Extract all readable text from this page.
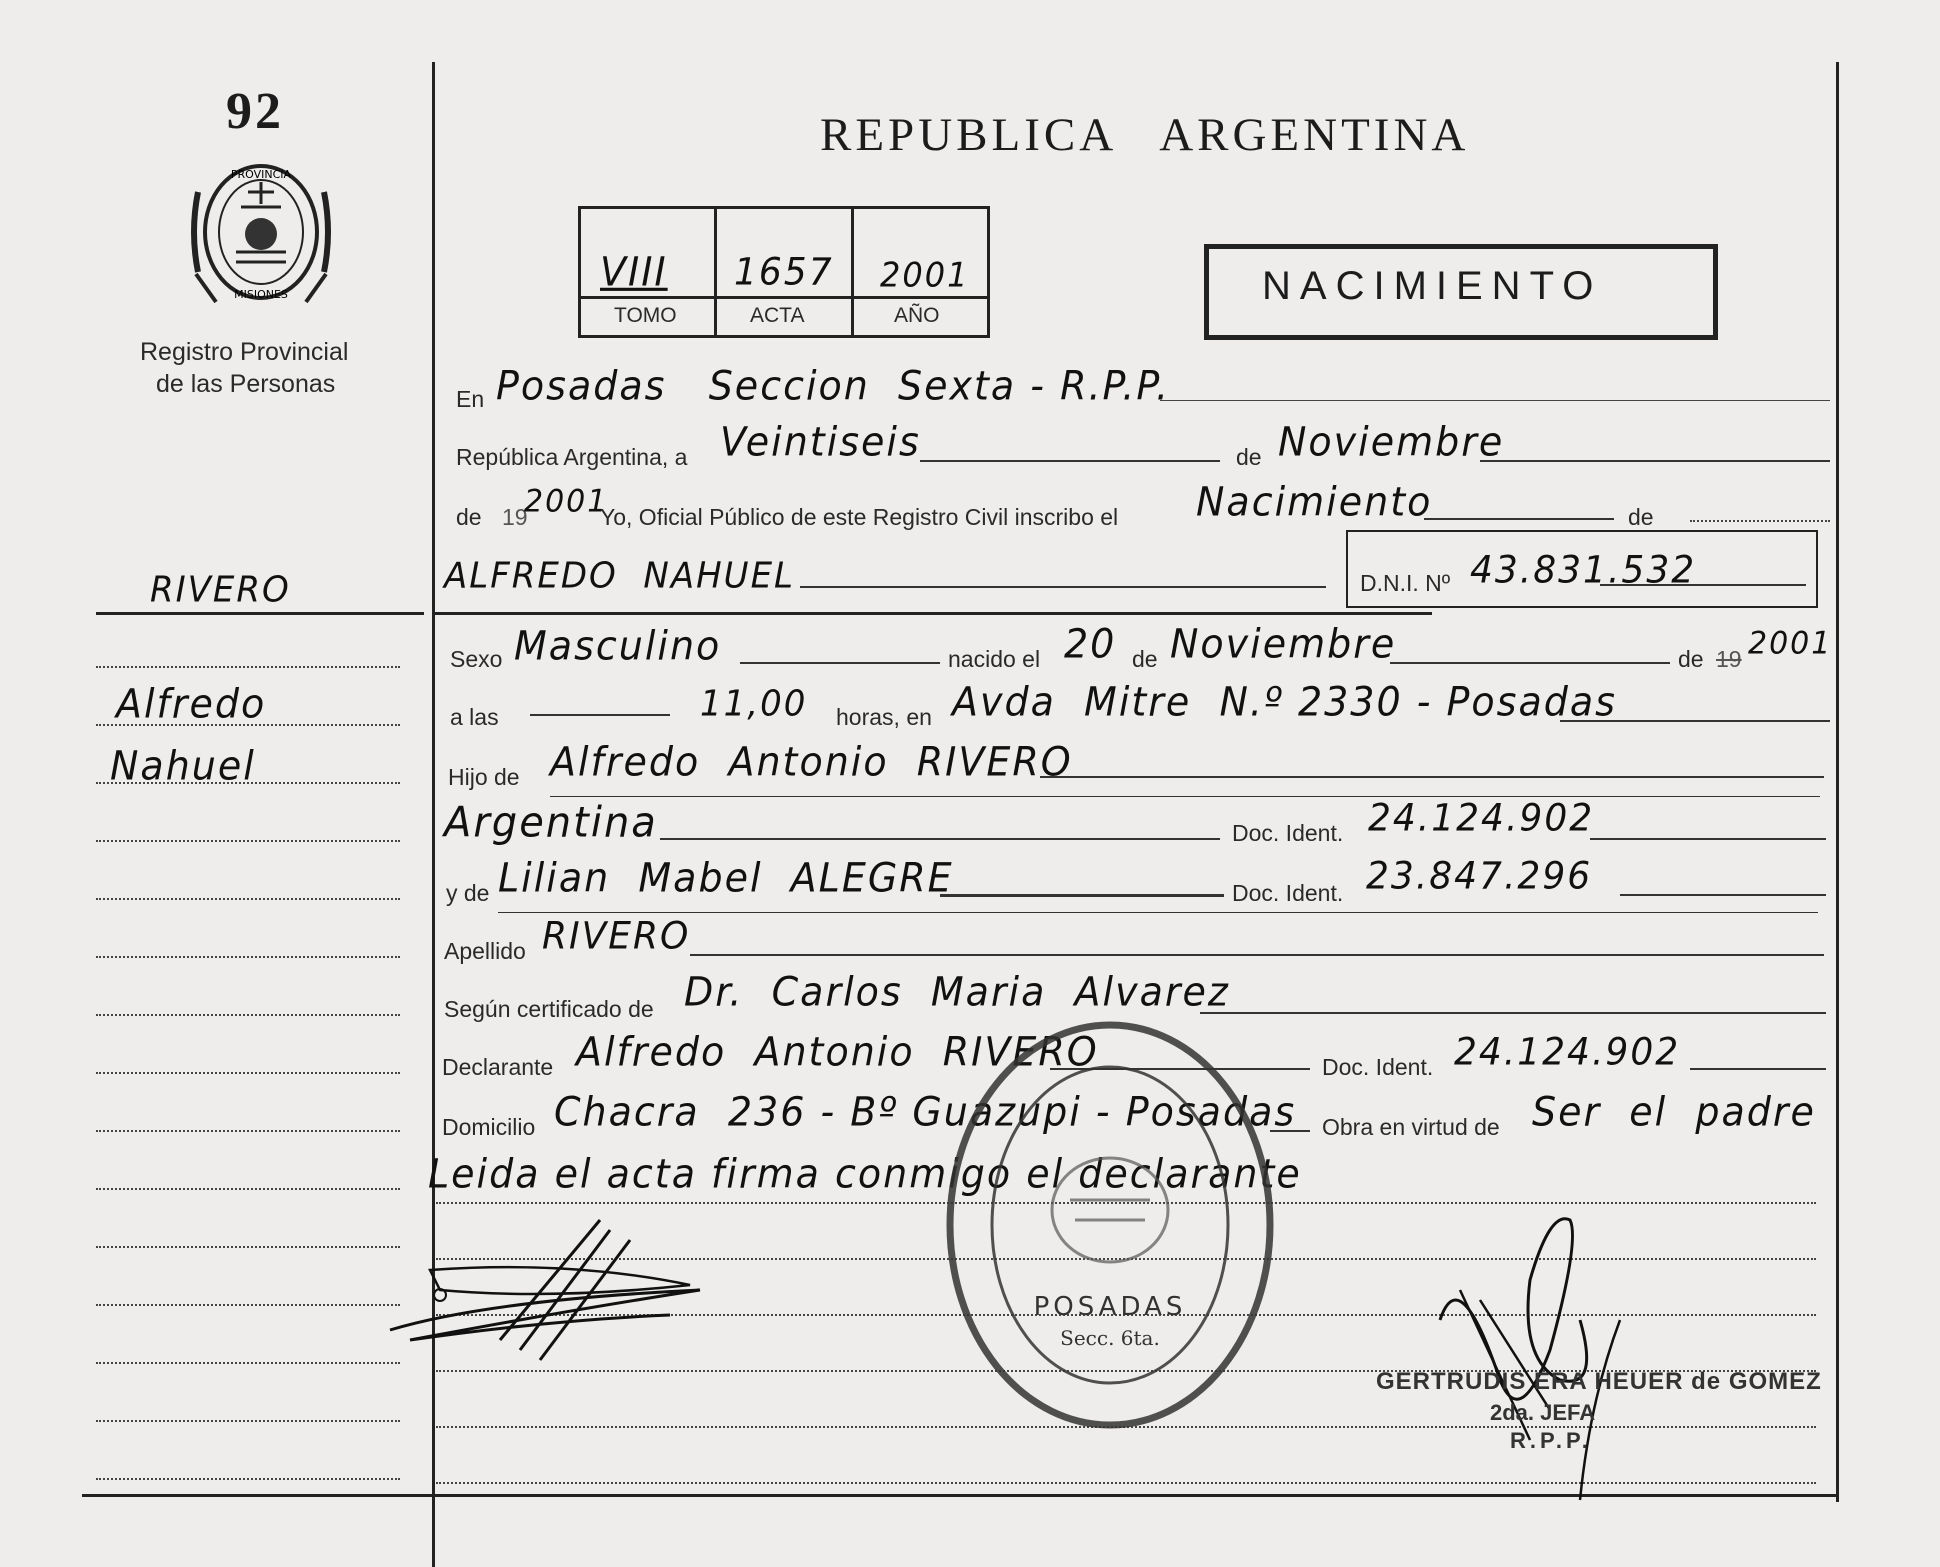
92
PROVINCIA
MISIONES
Registro Provincial
de las Personas
RIVERO
Alfredo
Nahuel
REPUBLICA   ARGENTINA
VIII 1657 2001
TOMO	ACTA	AÑO
NACIMIENTO
En Posadas   Seccion  Sexta - R.P.P.
República Argentina, a Veintiseis	de Noviembre
de 19
2001
Yo, Oficial Público de este Registro Civil inscribo el Nacimiento	de
ALFREDO  NAHUEL	D.N.I. Nº 43.831.532
Sexo Masculino	nacido el 20 de Noviembre	de 19 2001
a las	11,00 horas, en Avda  Mitre  N.º 2330 - Posadas
Hijo de Alfredo  Antonio  RIVERO
Argentina	Doc. Ident. 24.124.902
y de Lilian  Mabel  ALEGRE	Doc. Ident. 23.847.296
Apellido RIVERO
Según certificado de Dr.  Carlos  Maria  Alvarez
Declarante Alfredo  Antonio  RIVERO	Doc. Ident. 24.124.902
Domicilio Chacra  236 - Bº Guazupi - Posadas Obra en virtud de Ser  el  padre
Leida el acta firma conmigo el declarante
POSADAS
Secc. 6ta.
GERTRUDIS ERA HEUER de GOMEZ
2da. JEFA
R.P.P.
